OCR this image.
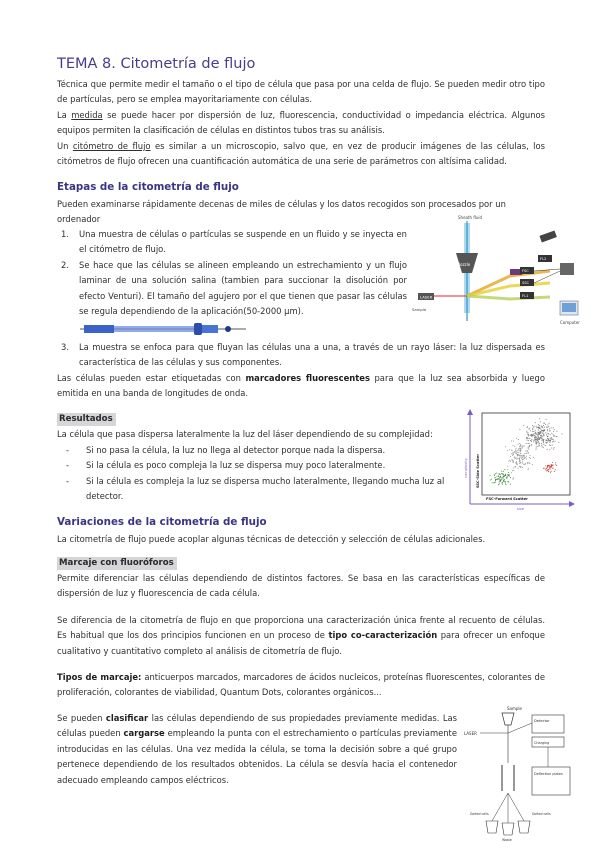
TEMA 8. Citometría de flujo

Técnica que permite medir el tamaño o el tipo de célula que pasa por una celda de flujo. Se pueden medir otro tipo de partículas, pero se emplea mayoritariamente con células.

La medida se puede hacer por dispersión de luz, fluorescencia, conductividad o impedancia eléctrica. Algunos equipos permiten la clasificación de células en distintos tubos tras su análisis.

Un citómetro de flujo es similar a un microscopio, salvo que, en vez de producir imágenes de las células, los citómetros de flujo ofrecen una cuantificación automática de una serie de parámetros con altísima calidad.

Etapas de la citometría de flujo

Pueden examinarse rápidamente decenas de miles de células y los datos recogidos son procesados por un ordenador

1. Una muestra de células o partículas se suspende en un fluido y se inyecta en el citómetro de flujo.
2. Se hace que las células se alineen empleando un estrechamiento y un flujo laminar de una solución salina (tambien para succionar la disolución por efecto Venturi). El tamaño del agujero por el que tienen que pasar las células se regula dependiendo de la aplicación(50-2000 µm).
Sheath fluid
Nozzle
LASER
Sample
FSC
SSC
FL1
FL2
Computer
3. La muestra se enfoca para que fluyan las células una a una, a través de un rayo láser: la luz dispersada es característica de las células y sus componentes.

Las células pueden estar etiquetadas con marcadores fluorescentes para que la luz sea absorbida y luego emitida en una banda de longitudes de onda.

Resultados

La célula que pasa dispersa lateralmente la luz del láser dependiendo de su complejidad:

- Si no pasa la célula, la luz no llega al detector porque nada la dispersa.
- Si la célula es poco compleja la luz se dispersa muy poco lateralmente.
- Si la célula es compleja la luz se dispersa mucho lateralmente, llegando mucha luz al detector.
complexity
size
SSC-Side Scatter
FSC-Forward Scatter
Variaciones de la citometría de flujo

La citometría de flujo puede acoplar algunas técnicas de detección y selección de células adicionales.

Marcaje con fluoróforos

Permite diferenciar las células dependiendo de distintos factores. Se basa en las características específicas de dispersión de luz y fluorescencia de cada célula.

Se diferencia de la citometría de flujo en que proporciona una caracterización única frente al recuento de células. Es habitual que los dos principios funcionen en un proceso de tipo co-caracterización para ofrecer un enfoque cualitativo y cuantitativo completo al análisis de citometría de flujo.

Tipos de marcaje: anticuerpos marcados, marcadores de ácidos nucleicos, proteínas fluorescentes, colorantes de proliferación, colorantes de viabilidad, Quantum Dots, colorantes orgánicos...

Se pueden clasificar las células dependiendo de sus propiedades previamente medidas. Las células pueden cargarse empleando la punta con el estrechamiento o partículas previamente introducidas en las células. Una vez medida la célula, se toma la decisión sobre a qué grupo pertenece dependiendo de los resultados obtenidos. La célula se desvía hacia el contenedor adecuado empleando campos eléctricos.

Sample
LASER
Detector
Charging
Deflection plates
Sorted cells	Sorted cells
Waste
